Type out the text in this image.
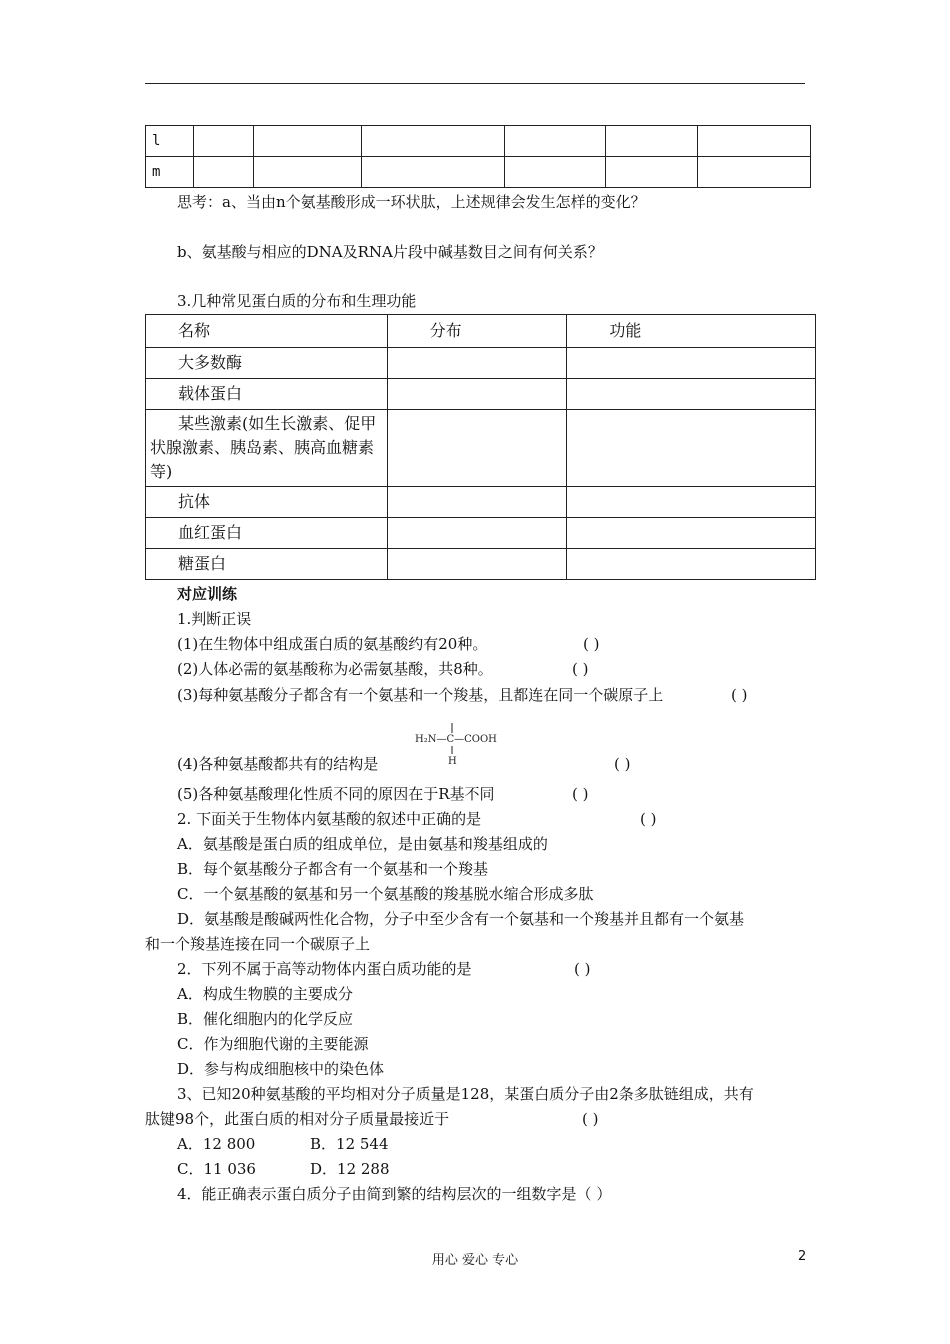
l						
m						
思考：a、当由n个氨基酸形成一环状肽，上述规律会发生怎样的变化？
b、氨基酸与相应的DNA及RNA片段中碱基数目之间有何关系？
3.几种常见蛋白质的分布和生理功能
名称	分布	功能
大多数酶		
载体蛋白		
某些激素(如生长激素、促甲状腺激素、胰岛素、胰高血糖素等)		
抗体		
血红蛋白		
糖蛋白		
对应训练
1.判断正误
(1)在生物体中组成蛋白质的氨基酸约有20种。	( )
(2)人体必需的氨基酸称为必需氨基酸，共8种。	( )
(3)每种氨基酸分子都含有一个氨基和一个羧基，且都连在同一个碳原子上	( )
H₂N—C—COOH
H
(4)各种氨基酸都共有的结构是	( )
(5)各种氨基酸理化性质不同的原因在于R基不同	( )
2. 下面关于生物体内氨基酸的叙述中正确的是	( )
A．氨基酸是蛋白质的组成单位，是由氨基和羧基组成的
B．每个氨基酸分子都含有一个氨基和一个羧基
C．一个氨基酸的氨基和另一个氨基酸的羧基脱水缩合形成多肽
D．氨基酸是酸碱两性化合物，分子中至少含有一个氨基和一个羧基并且都有一个氨基
和一个羧基连接在同一个碳原子上
2．下列不属于高等动物体内蛋白质功能的是	( )
A．构成生物膜的主要成分
B．催化细胞内的化学反应
C．作为细胞代谢的主要能源
D．参与构成细胞核中的染色体
3、已知20种氨基酸的平均相对分子质量是128，某蛋白质分子由2条多肽链组成，共有
肽键98个，此蛋白质的相对分子质量最接近于	( )
A．12 800	B．12 544
C．11 036	D．12 288
4．能正确表示蛋白质分子由简到繁的结构层次的一组数字是（ ）
用心 爱心 专心	2
